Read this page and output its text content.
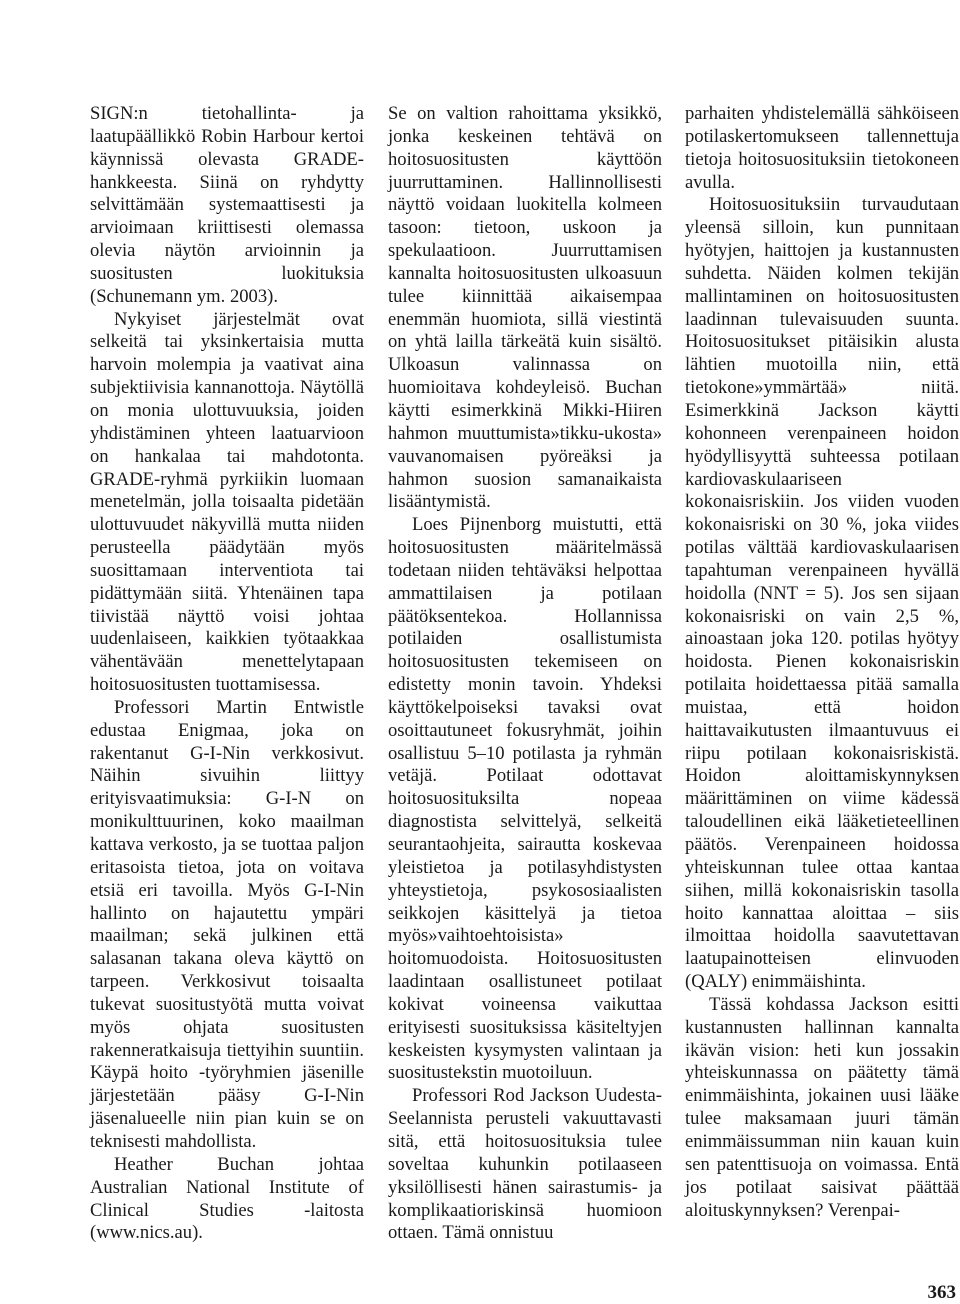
SIGN:n tietohallinta- ja laatupäällikkö Robin Harbour kertoi käynnissä olevasta GRADE-hankkeesta. Siinä on ryhdytty selvittämään systemaattisesti ja arvioimaan kriittisesti olemassa olevia näytön arvioinnin ja suositusten luokituksia (Schunemann ym. 2003).

Nykyiset järjestelmät ovat selkeitä tai yksinkertaisia mutta harvoin molempia ja vaativat aina subjektiivisia kannanottoja. Näytöllä on monia ulottuvuuksia, joiden yhdistäminen yhteen laatuarvioon on hankalaa tai mahdotonta. GRADE-ryhmä pyrkiikin luomaan menetelmän, jolla toisaalta pidetään ulottuvuudet näkyvillä mutta niiden perusteella päädytään myös suosittamaan interventiota tai pidättymään siitä. Yhtenäinen tapa tiivistää näyttö voisi johtaa uudenlaiseen, kaikkien työtaakkaa vähentävään menettelytapaan hoitosuositusten tuottamisessa.

Professori Martin Entwistle edustaa Enigmaa, joka on rakentanut G-I-Nin verkkosivut. Näihin sivuihin liittyy erityisvaatimuksia: G-I-N on monikulttuurinen, koko maailman kattava verkosto, ja se tuottaa paljon eritasoista tietoa, jota on voitava etsiä eri tavoilla. Myös G-I-Nin hallinto on hajautettu ympäri maailman; sekä julkinen että salasanan takana oleva käyttö on tarpeen. Verkkosivut toisaalta tukevat suositustyötä mutta voivat myös ohjata suositusten rakenneratkaisuja tiettyihin suuntiin. Käypä hoito -työryhmien jäsenille järjestetään pääsy G-I-Nin jäsenalueelle niin pian kuin se on teknisesti mahdollista.

Heather Buchan johtaa Australian National Institute of Clinical Studies -laitosta (www.nics.au).

Se on valtion rahoittama yksikkö, jonka keskeinen tehtävä on hoitosuositusten käyttöön juurruttaminen. Hallinnollisesti näyttö voidaan luokitella kolmeen tasoon: tietoon, uskoon ja spekulaatioon. Juurruttamisen kannalta hoitosuositusten ulkoasuun tulee kiinnittää aikaisempaa enemmän huomiota, sillä viestintä on yhtä lailla tärkeätä kuin sisältö. Ulkoasun valinnassa on huomioitava kohdeyleisö. Buchan käytti esimerkkinä Mikki-Hiiren hahmon muuttumista»tikku-ukosta» vauvanomaisen pyöreäksi ja hahmon suosion samanaikaista lisääntymistä.

Loes Pijnenborg muistutti, että hoitosuositusten määritelmässä todetaan niiden tehtäväksi helpottaa ammattilaisen ja potilaan päätöksentekoa. Hollannissa potilaiden osallistumista hoitosuositusten tekemiseen on edistetty monin tavoin. Yhdeksi käyttökelpoiseksi tavaksi ovat osoittautuneet fokusryhmät, joihin osallistuu 5–10 potilasta ja ryhmän vetäjä. Potilaat odottavat hoitosuosituksilta nopeaa diagnostista selvittelyä, selkeitä seurantaohjeita, sairautta koskevaa yleistietoa ja potilasyhdistysten yhteystietoja, psykososiaalisten seikkojen käsittelyä ja tietoa myös»vaihtoehtoisista» hoitomuodoista. Hoitosuositusten laadintaan osallistuneet potilaat kokivat voineensa vaikuttaa erityisesti suosituksissa käsiteltyjen keskeisten kysymysten valintaan ja suositustekstin muotoiluun.

Professori Rod Jackson Uudesta-Seelannista perusteli vakuuttavasti sitä, että hoitosuosituksia tulee soveltaa kuhunkin potilaaseen yksilöllisesti hänen sairastumis- ja komplikaatioriskinsä huomioon ottaen. Tämä onnistuu

parhaiten yhdistelemällä sähköiseen potilaskertomukseen tallennettuja tietoja hoitosuosituksiin tietokoneen avulla.

Hoitosuosituksiin turvaudutaan yleensä silloin, kun punnitaan hyötyjen, haittojen ja kustannusten suhdetta. Näiden kolmen tekijän mallintaminen on hoitosuositusten laadinnan tulevaisuuden suunta. Hoitosuositukset pitäisikin alusta lähtien muotoilla niin, että tietokone»ymmärtää» niitä. Esimerkkinä Jackson käytti kohonneen verenpaineen hoidon hyödyllisyyttä suhteessa potilaan kardiovaskulaariseen kokonaisriskiin. Jos viiden vuoden kokonaisriski on 30 %, joka viides potilas välttää kardiovaskulaarisen tapahtuman verenpaineen hyvällä hoidolla (NNT = 5). Jos sen sijaan kokonaisriski on vain 2,5 %, ainoastaan joka 120. potilas hyötyy hoidosta. Pienen kokonaisriskin potilaita hoidettaessa pitää samalla muistaa, että hoidon haittavaikutusten ilmaantuvuus ei riipu potilaan kokonaisriskistä. Hoidon aloittamiskynnyksen määrittäminen on viime kädessä taloudellinen eikä lääketieteellinen päätös. Verenpaineen hoidossa yhteiskunnan tulee ottaa kantaa siihen, millä kokonaisriskin tasolla hoito kannattaa aloittaa – siis ilmoittaa hoidolla saavutettavan laatupainotteisen elinvuoden (QALY) enimmäishinta.

Tässä kohdassa Jackson esitti kustannusten hallinnan kannalta ikävän vision: heti kun jossakin yhteiskunnassa on päätetty tämä enimmäishinta, jokainen uusi lääke tulee maksamaan juuri tämän enimmäissumman niin kauan kuin sen patenttisuoja on voimassa. Entä jos potilaat saisivat päättää aloituskynnyksen? Verenpai-

363
